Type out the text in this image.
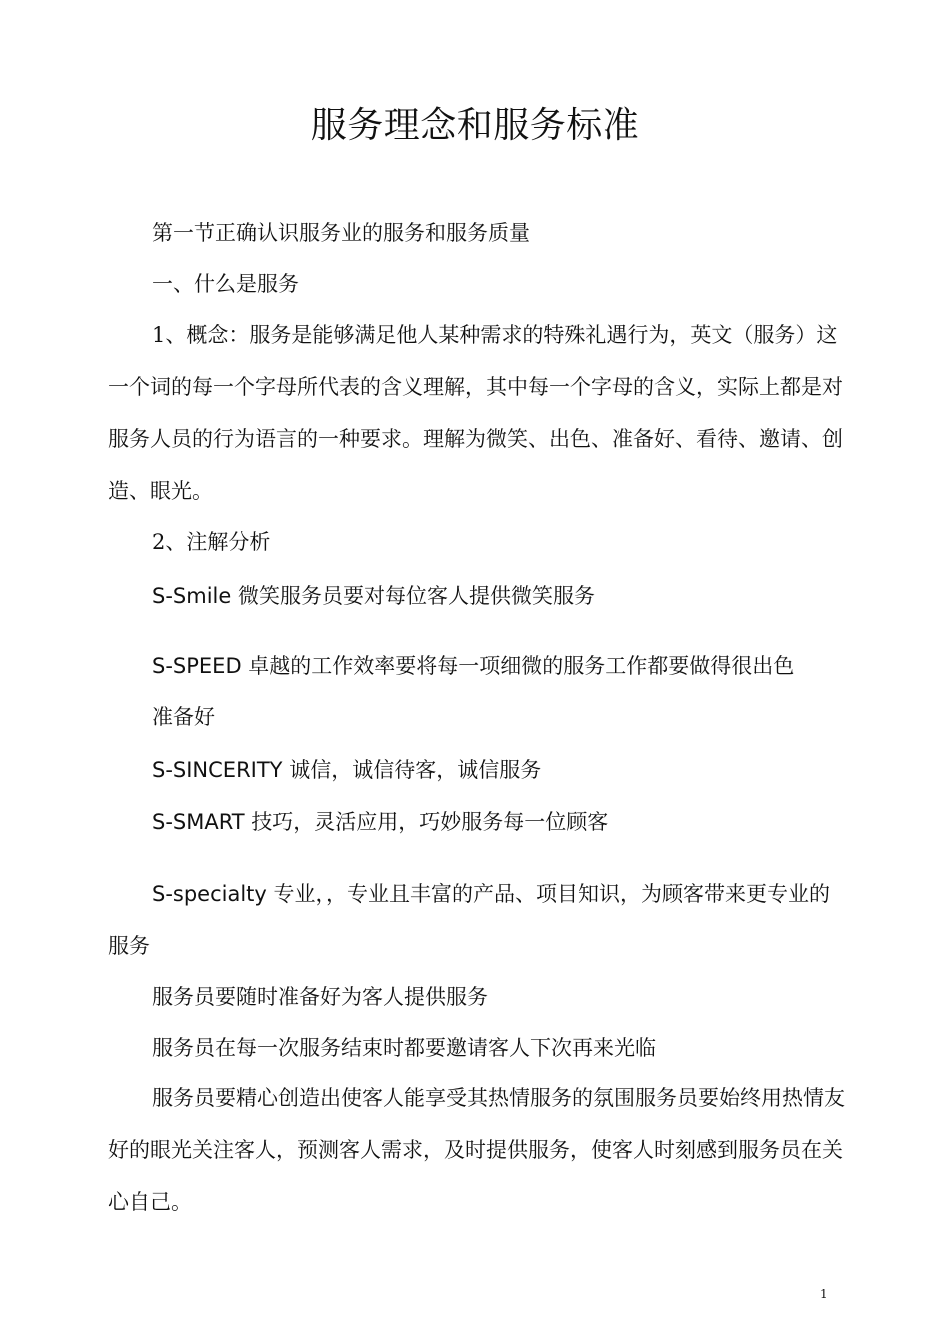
服务理念和服务标准

第一节正确认识服务业的服务和服务质量

一、什么是服务

1、概念：服务是能够满足他人某种需求的特殊礼遇行为，英文（服务）这一个词的每一个字母所代表的含义理解，其中每一个字母的含义，实际上都是对服务人员的行为语言的一种要求。理解为微笑、出色、准备好、看待、邀请、创造、眼光。

2、注解分析

S-Smile 微笑服务员要对每位客人提供微笑服务

S-SPEED 卓越的工作效率要将每一项细微的服务工作都要做得很出色

准备好

S-SINCERITY 诚信，诚信待客，诚信服务

S-SMART 技巧，灵活应用，巧妙服务每一位顾客

S-specialty 专业，，专业且丰富的产品、项目知识，为顾客带来更专业的服务

服务员要随时准备好为客人提供服务

服务员在每一次服务结束时都要邀请客人下次再来光临

服务员要精心创造出使客人能享受其热情服务的氛围服务员要始终用热情友好的眼光关注客人，预测客人需求，及时提供服务，使客人时刻感到服务员在关心自己。

1
